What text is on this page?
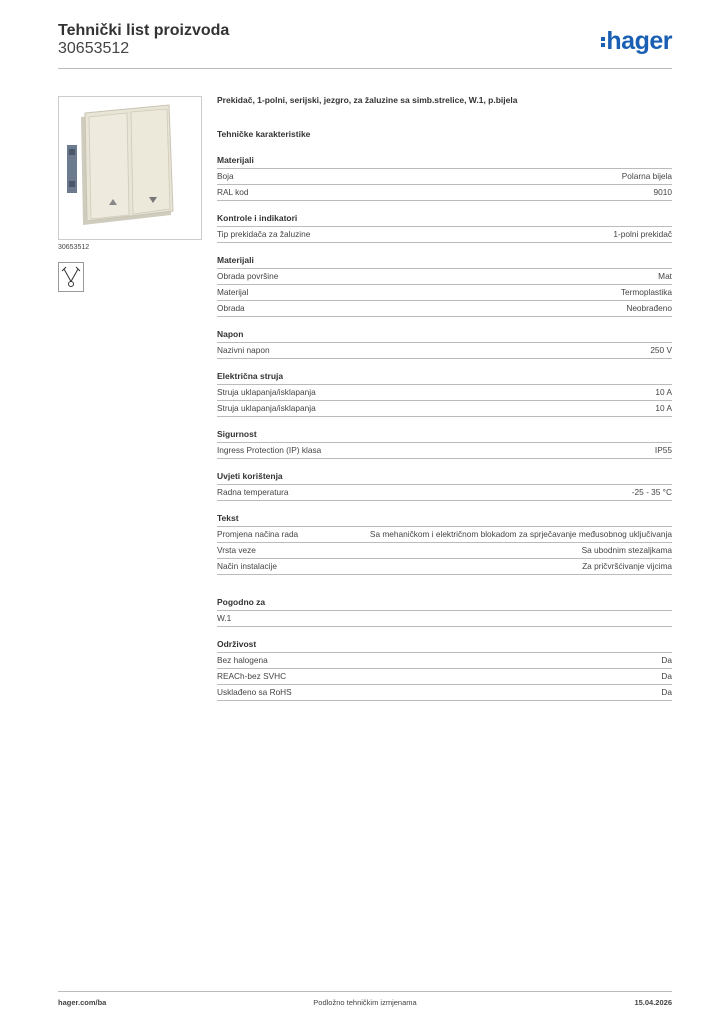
Tehnički list proizvoda
30653512	hager
30653512
Prekidač, 1-polni, serijski, jezgro, za žaluzine sa simb.strelice, W.1, p.bijela
Tehničke karakteristike
Materijali
Boja	Polarna bijela
RAL kod	9010
Kontrole i indikatori
Tip prekidača za žaluzine	1-polni prekidač
Materijali
Obrada površine	Mat
Materijal	Termoplastika
Obrada	Neobrađeno
Napon
Nazivni napon	250 V
Električna struja
Struja uklapanja/isklapanja	10 A
Struja uklapanja/isklapanja	10 A
Sigurnost
Ingress Protection (IP) klasa	IP55
Uvjeti korištenja
Radna temperatura	-25 - 35 °C
Tekst
Promjena načina rada	Sa mehaničkom i električnom blokadom za sprječavanje međusobnog uključivanja
Vrsta veze	Sa ubodnim stezaljkama
Način instalacije	Za pričvršćivanje vijcima
Pogodno za
W.1
Održivost
Bez halogena	Da
REACh-bez SVHC	Da
Usklađeno sa RoHS	Da
hager.com/ba	Podložno tehničkim izmjenama	15.04.2026
